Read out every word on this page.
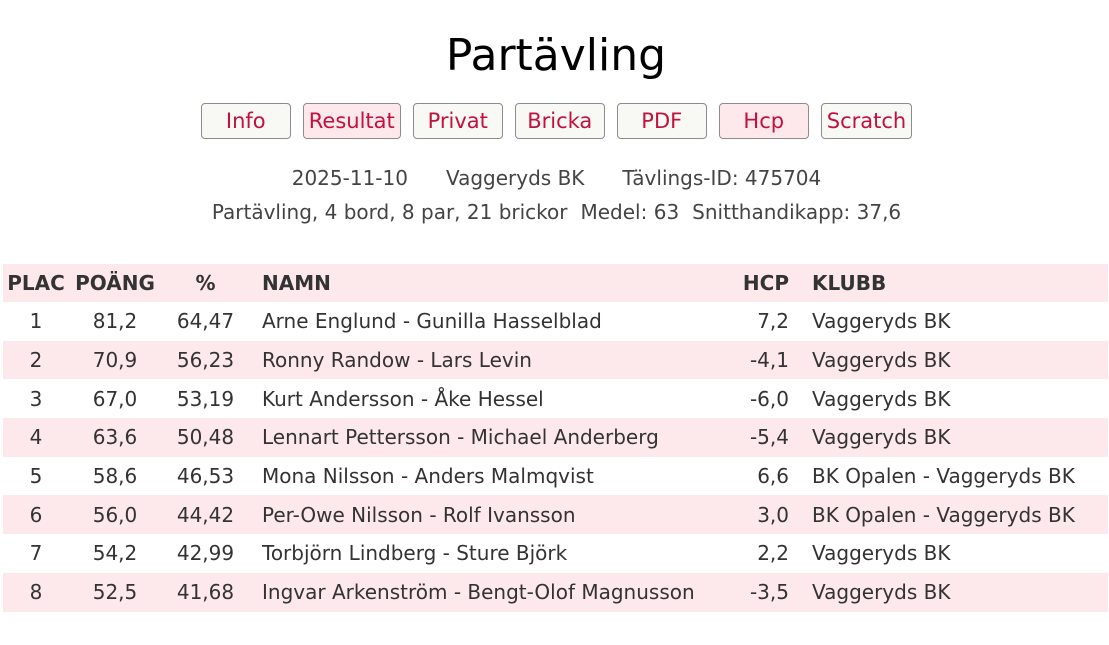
Partävling
Info	Resultat	Privat	Bricka	PDF	Hcp	Scratch
2025-11-10 Vaggeryds BK Tävlings-ID: 475704
Partävling, 4 bord, 8 par, 21 brickor Medel: 63 Snitthandikapp: 37,6
PLAC	POÄNG	%	NAMN	HCP	KLUBB
1	81,2	64,47	Arne Englund - Gunilla Hasselblad	7,2	Vaggeryds BK
2	70,9	56,23	Ronny Randow - Lars Levin	-4,1	Vaggeryds BK
3	67,0	53,19	Kurt Andersson - Åke Hessel	-6,0	Vaggeryds BK
4	63,6	50,48	Lennart Pettersson - Michael Anderberg	-5,4	Vaggeryds BK
5	58,6	46,53	Mona Nilsson - Anders Malmqvist	6,6	BK Opalen - Vaggeryds BK
6	56,0	44,42	Per-Owe Nilsson - Rolf Ivansson	3,0	BK Opalen - Vaggeryds BK
7	54,2	42,99	Torbjörn Lindberg - Sture Björk	2,2	Vaggeryds BK
8	52,5	41,68	Ingvar Arkenström - Bengt-Olof Magnusson	-3,5	Vaggeryds BK
